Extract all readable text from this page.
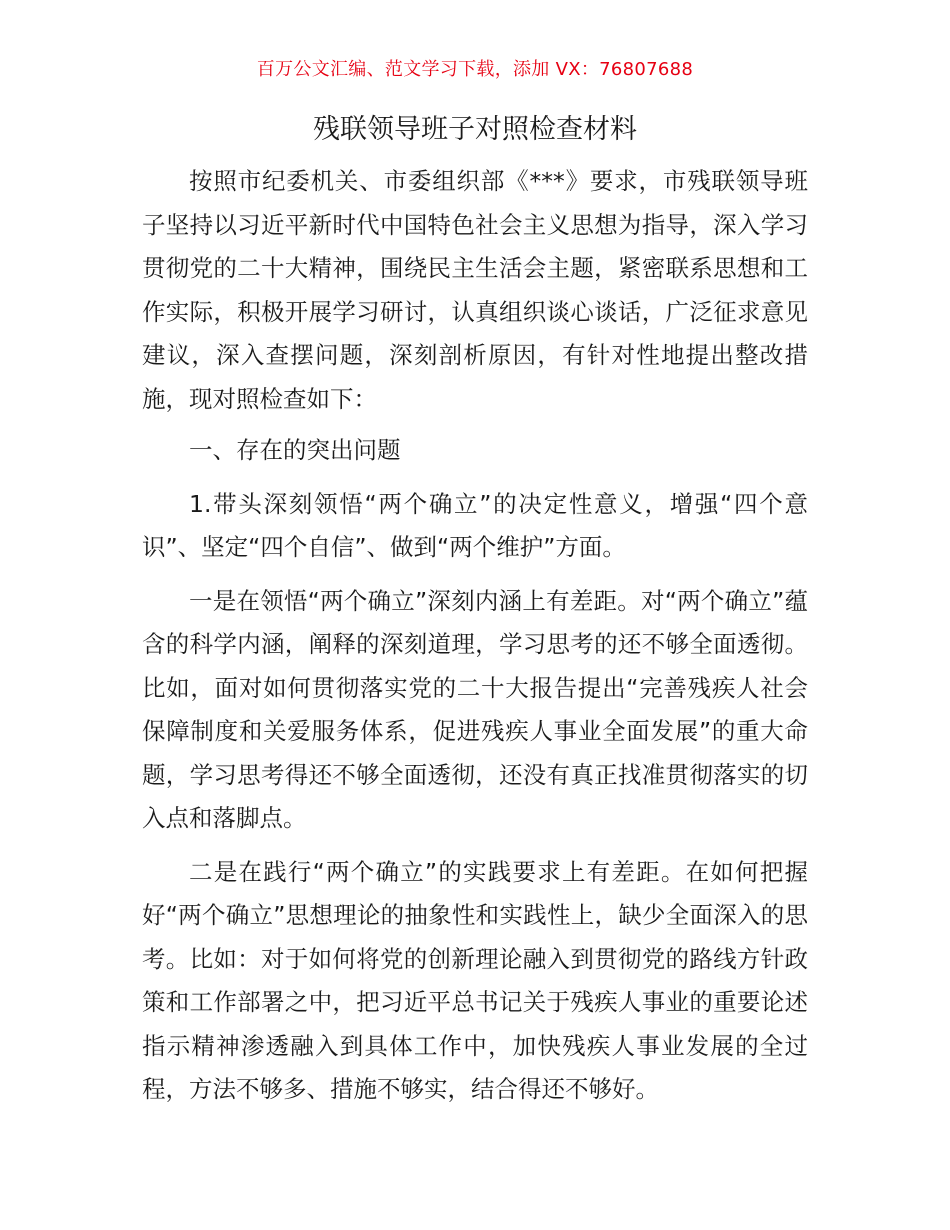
百万公文汇编、范文学习下载，添加 VX：76807688
残联领导班子对照检查材料

按照市纪委机关、市委组织部《***》要求，市残联领导班子坚持以习近平新时代中国特色社会主义思想为指导，深入学习贯彻党的二十大精神，围绕民主生活会主题，紧密联系思想和工作实际，积极开展学习研讨，认真组织谈心谈话，广泛征求意见建议，深入查摆问题，深刻剖析原因，有针对性地提出整改措施，现对照检查如下：

一、存在的突出问题

1.带头深刻领悟“两个确立”的决定性意义，增强“四个意识”、坚定“四个自信”、做到“两个维护”方面。

一是在领悟“两个确立”深刻内涵上有差距。对“两个确立”蕴含的科学内涵，阐释的深刻道理，学习思考的还不够全面透彻。比如，面对如何贯彻落实党的二十大报告提出“完善残疾人社会保障制度和关爱服务体系，促进残疾人事业全面发展”的重大命题，学习思考得还不够全面透彻，还没有真正找准贯彻落实的切入点和落脚点。

二是在践行“两个确立”的实践要求上有差距。在如何把握好“两个确立”思想理论的抽象性和实践性上，缺少全面深入的思考。比如：对于如何将党的创新理论融入到贯彻党的路线方针政策和工作部署之中，把习近平总书记关于残疾人事业的重要论述指示精神渗透融入到具体工作中，加快残疾人事业发展的全过程，方法不够多、措施不够实，结合得还不够好。
